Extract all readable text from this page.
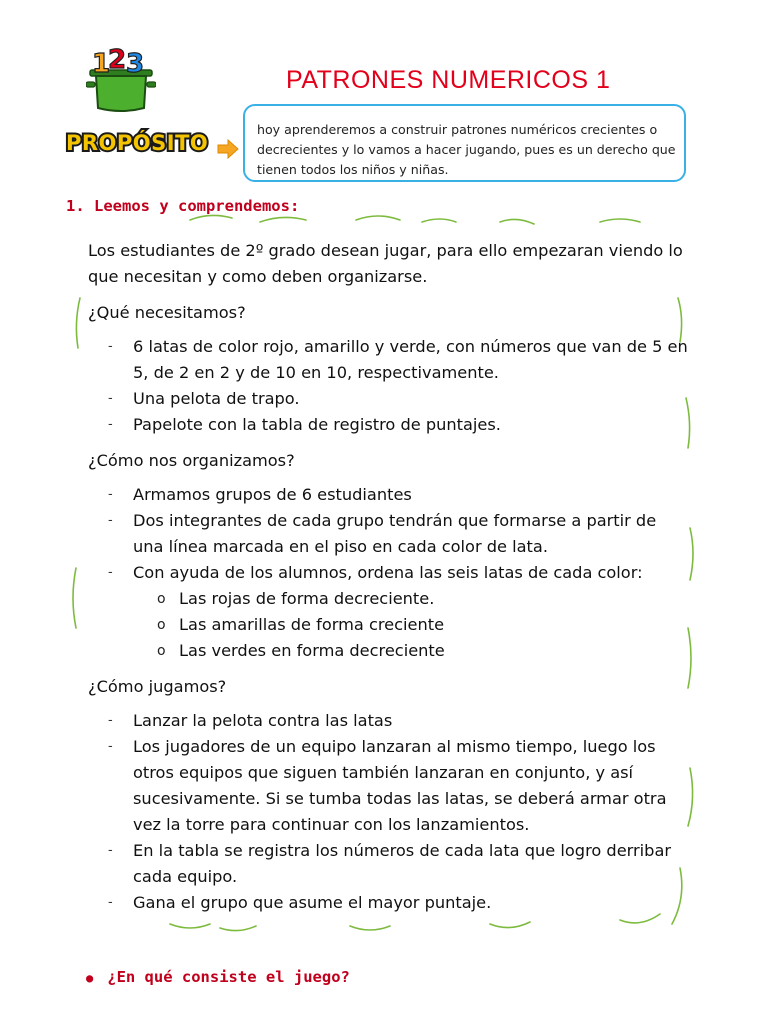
1
2 3
PATRONES NUMERICOS 1
PROPÓSITO
hoy aprenderemos a construir patrones numéricos crecientes o decrecientes y lo vamos a hacer jugando, pues es un derecho que tienen todos los niños y niñas.
1. Leemos y comprendemos:

Los estudiantes de 2º grado desean jugar, para ello empezaran viendo lo que necesitan y como deben organizarse.

¿Qué necesitamos?

- 6 latas de color rojo, amarillo y verde, con números que van de 5 en 5, de 2 en 2 y de 10 en 10, respectivamente.
- Una pelota de trapo.
- Papelote con la tabla de registro de puntajes.

¿Cómo nos organizamos?

- Armamos grupos de 6 estudiantes
- Dos integrantes de cada grupo tendrán que formarse a partir de una línea marcada en el piso en cada color de lata.
- Con ayuda de los alumnos, ordena las seis latas de cada color:
o Las rojas de forma decreciente.
o Las amarillas de forma creciente
o Las verdes en forma decreciente

¿Cómo jugamos?

- Lanzar la pelota contra las latas
- Los jugadores de un equipo lanzaran al mismo tiempo, luego los otros equipos que siguen también lanzaran en conjunto, y así sucesivamente. Si se tumba todas las latas, se deberá armar otra vez la torre para continuar con los lanzamientos.
- En la tabla se registra los números de cada lata que logro derribar cada equipo.
- Gana el grupo que asume el mayor puntaje.
● ¿En qué consiste el juego?
